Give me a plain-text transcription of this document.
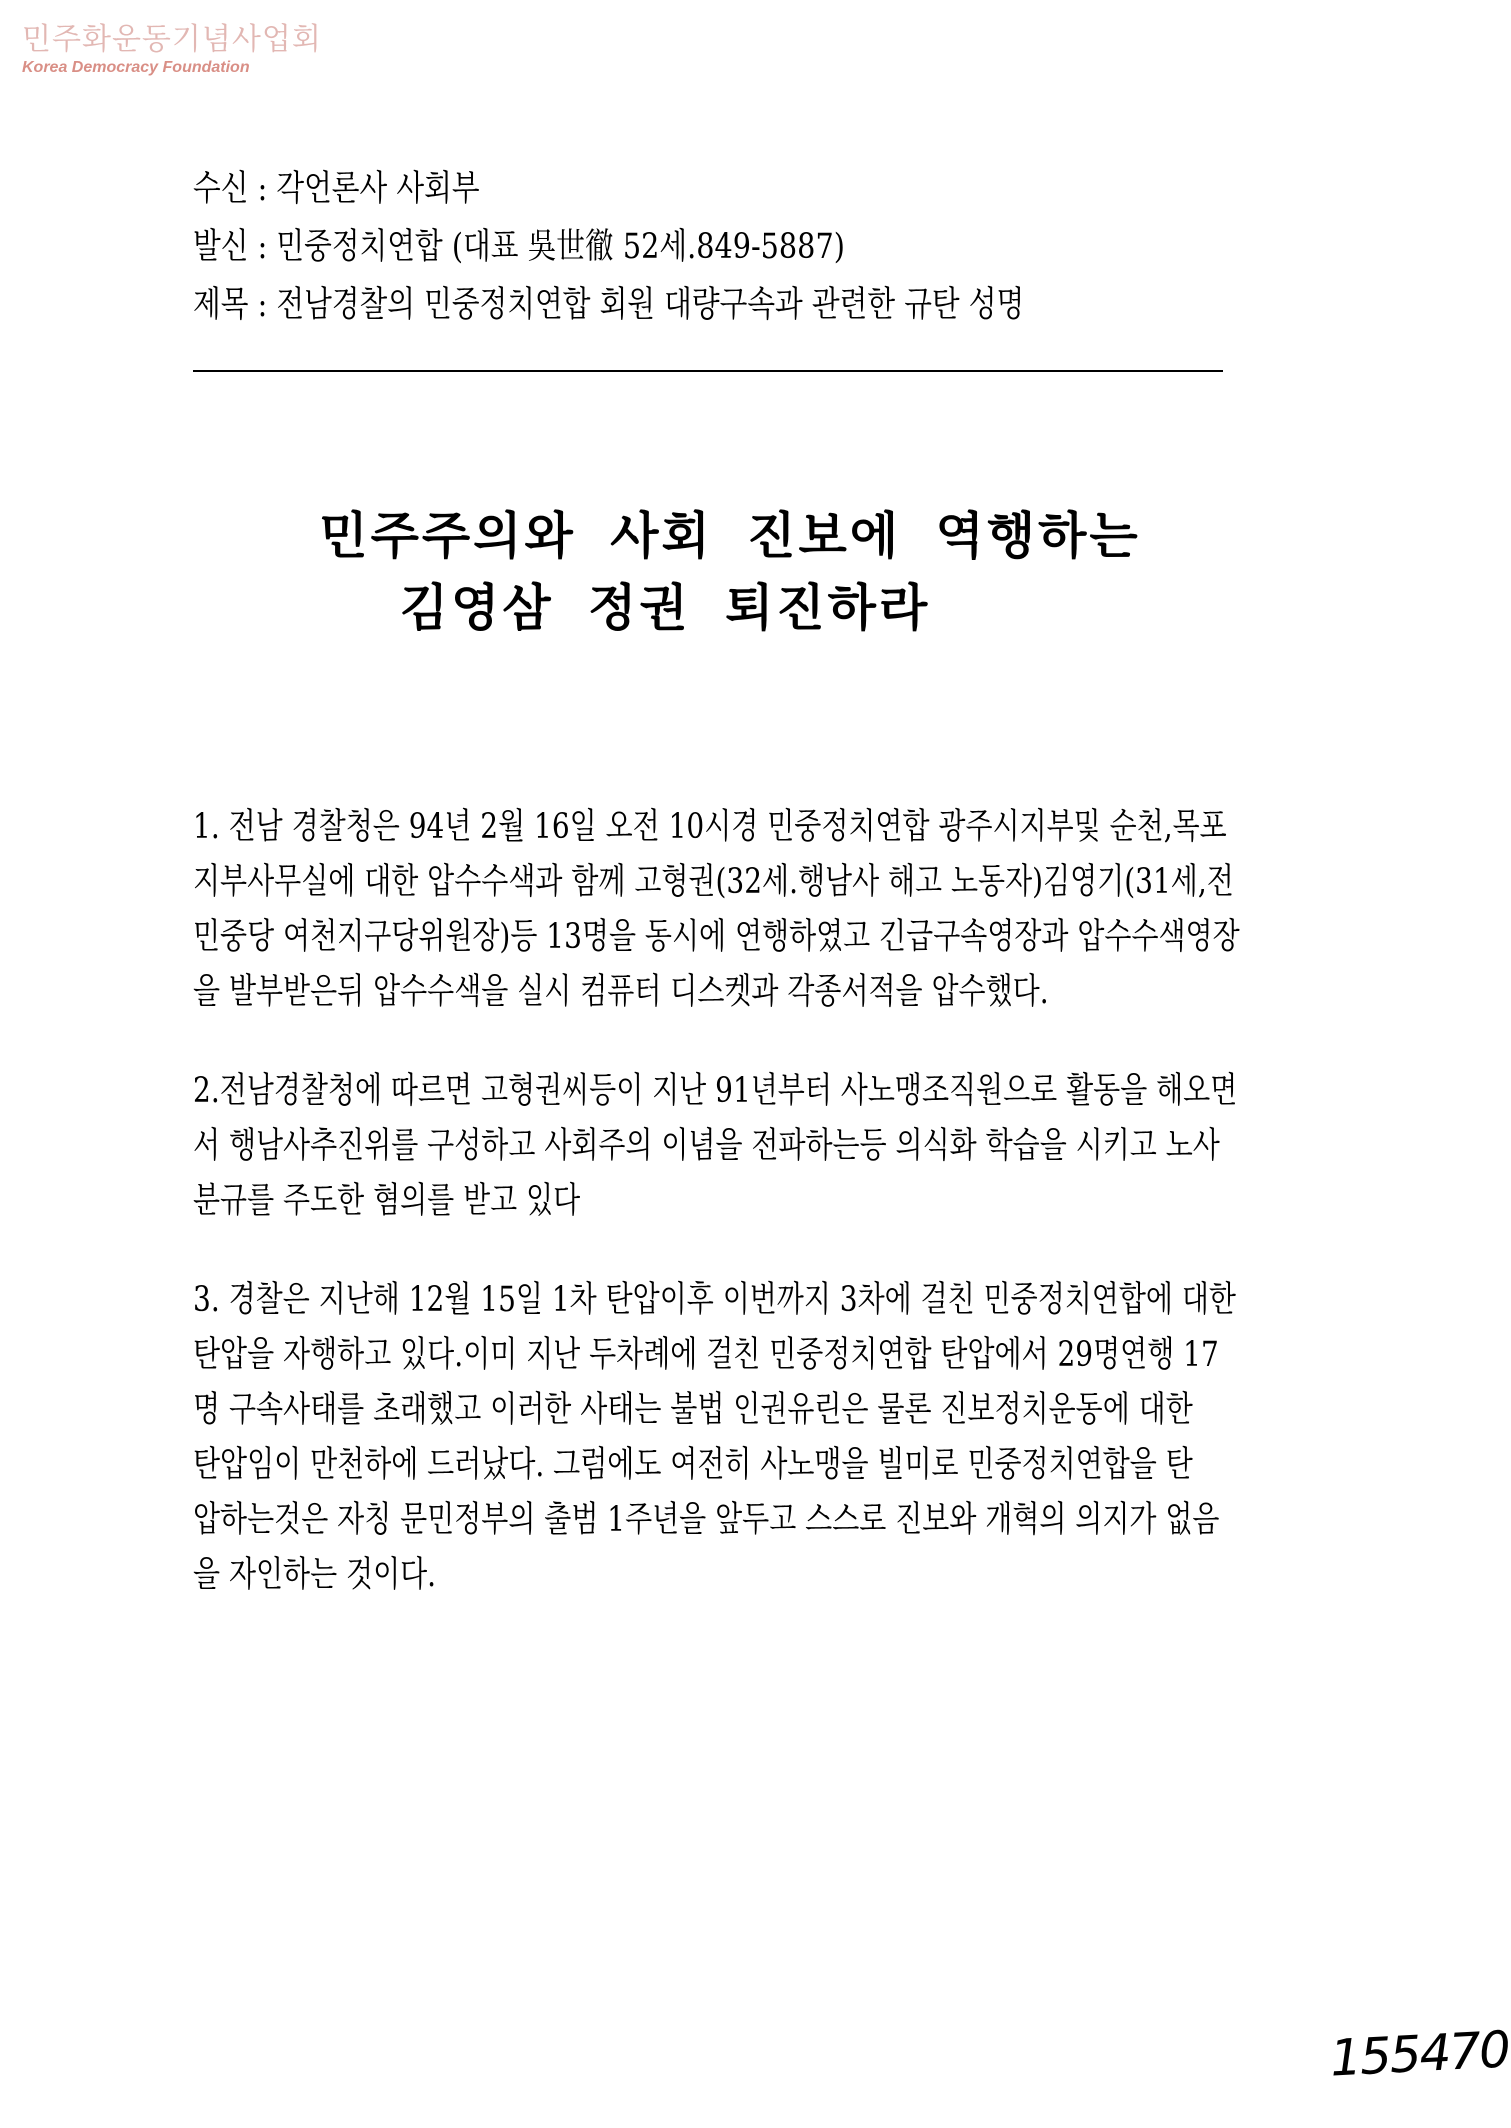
민주화운동기념사업회
Korea Democracy Foundation
수신 : 각언론사 사회부
발신 : 민중정치연합 (대표 吳世徹 52세.849-5887)
제목 : 전남경찰의 민중정치연합 회원 대량구속과 관련한 규탄 성명
민주주의와 사회 진보에 역행하는
김영삼 정권 퇴진하라
1. 전남 경찰청은 94년 2월 16일 오전 10시경 민중정치연합 광주시지부및 순천,목포
지부사무실에 대한 압수수색과 함께 고형권(32세.행남사 해고 노동자)김영기(31세,전
민중당 여천지구당위원장)등 13명을 동시에 연행하였고 긴급구속영장과 압수수색영장
을 발부받은뒤 압수수색을 실시 컴퓨터 디스켓과 각종서적을 압수했다.
2.전남경찰청에 따르면 고형권씨등이 지난 91년부터 사노맹조직원으로 활동을 해오면
서 행남사추진위를 구성하고 사회주의 이념을 전파하는등 의식화 학습을 시키고 노사
분규를 주도한 혐의를 받고 있다
3. 경찰은 지난해 12월 15일 1차 탄압이후 이번까지 3차에 걸친 민중정치연합에 대한
탄압을 자행하고 있다.이미 지난 두차례에 걸친 민중정치연합 탄압에서 29명연행 17
명 구속사태를 초래했고 이러한 사태는 불법 인권유린은 물론 진보정치운동에 대한
탄압임이 만천하에 드러났다. 그럼에도 여전히 사노맹을 빌미로 민중정치연합을 탄
압하는것은 자칭 문민정부의 출범 1주년을 앞두고 스스로 진보와 개혁의 의지가 없음
을 자인하는 것이다.
155470
